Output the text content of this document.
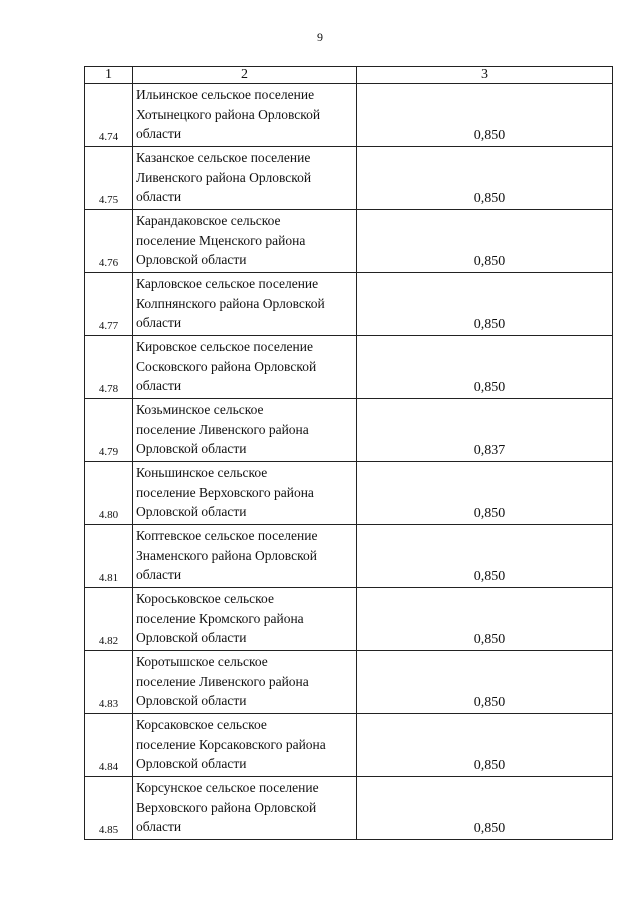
9
1	2	3
4.74	Ильинское сельское поселение
Хотынецкого района Орловской
области	0,850
4.75	Казанское сельское поселение
Ливенского района Орловской
области	0,850
4.76	Карандаковское сельское
поселение Мценского района
Орловской области	0,850
4.77	Карловское сельское поселение
Колпнянского района Орловской
области	0,850
4.78	Кировское сельское поселение
Сосковского района Орловской
области	0,850
4.79	Козьминское сельское
поселение Ливенского района
Орловской области	0,837
4.80	Коньшинское сельское
поселение Верховского района
Орловской области	0,850
4.81	Коптевское сельское поселение
Знаменского района Орловской
области	0,850
4.82	Короськовское сельское
поселение Кромского района
Орловской области	0,850
4.83	Коротышское сельское
поселение Ливенского района
Орловской области	0,850
4.84	Корсаковское сельское
поселение Корсаковского района
Орловской области	0,850
4.85	Корсунское сельское поселение
Верховского района Орловской
области	0,850
